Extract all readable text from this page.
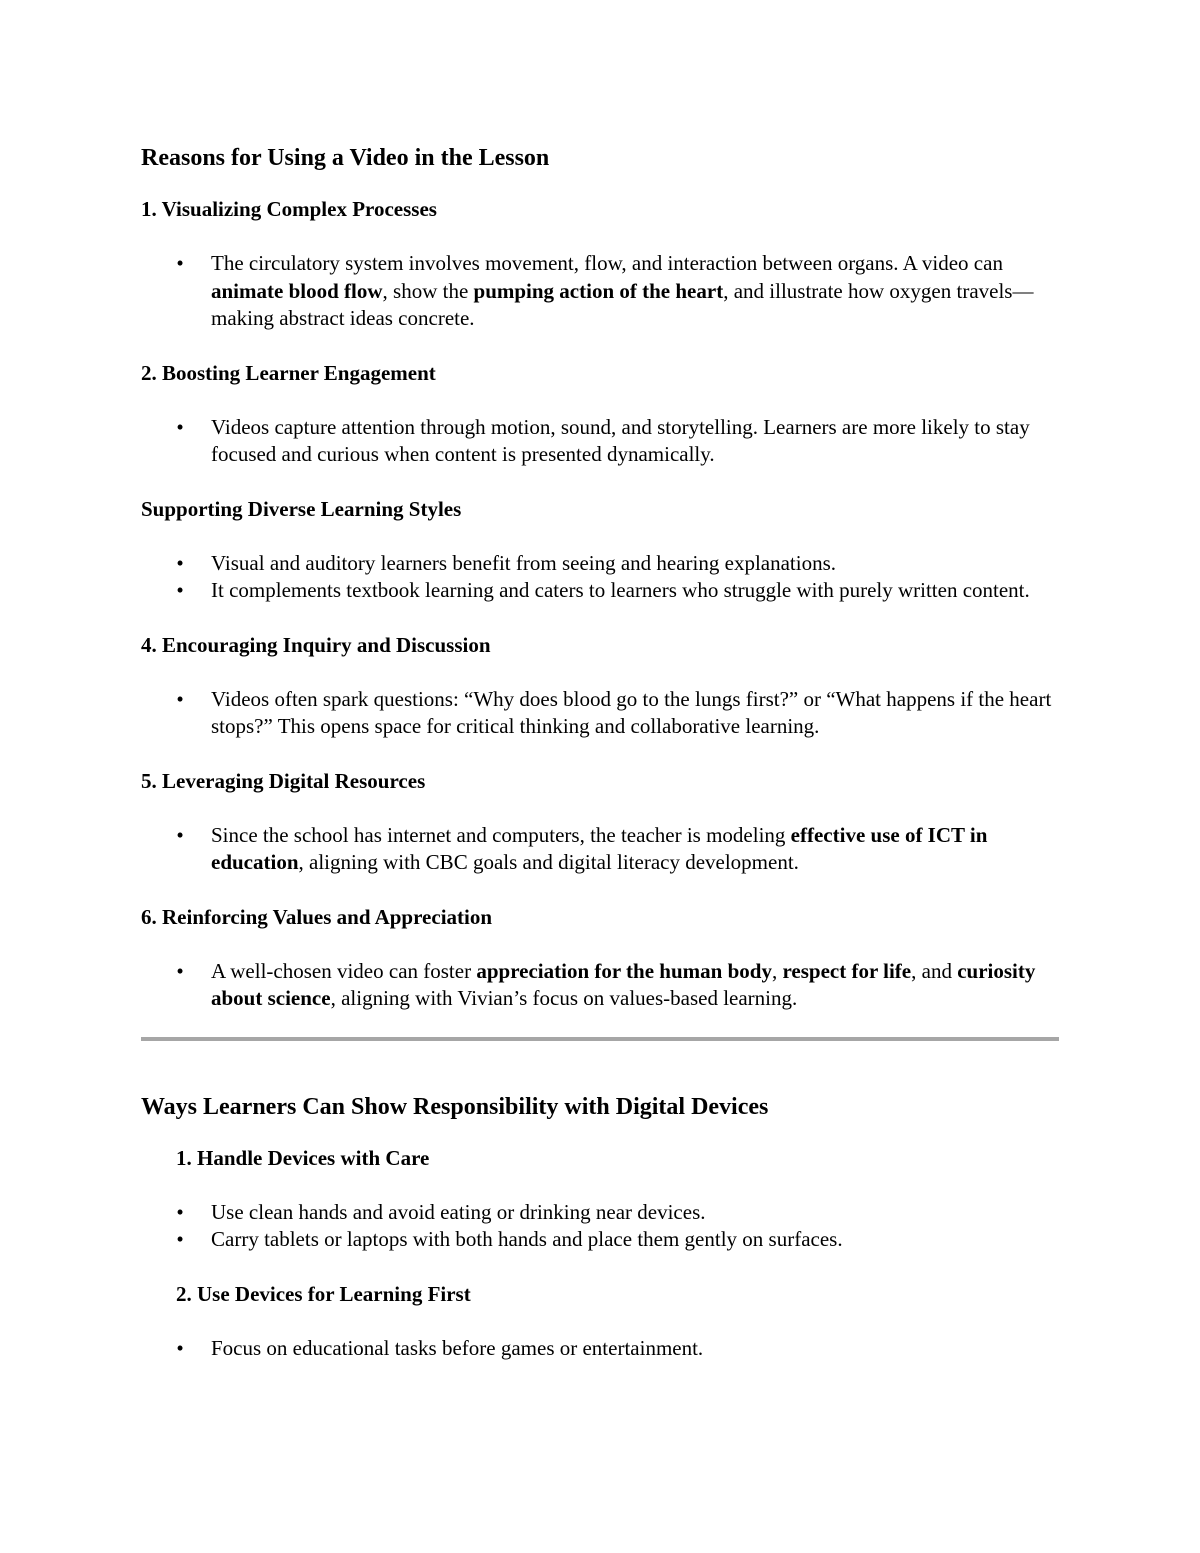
Reasons for Using a Video in the Lesson
1. Visualizing Complex Processes
• The circulatory system involves movement, flow, and interaction between organs. A video can animate blood flow, show the pumping action of the heart, and illustrate how oxygen travels—making abstract ideas concrete.
2. Boosting Learner Engagement
• Videos capture attention through motion, sound, and storytelling. Learners are more likely to stay focused and curious when content is presented dynamically.
Supporting Diverse Learning Styles
• Visual and auditory learners benefit from seeing and hearing explanations.
• It complements textbook learning and caters to learners who struggle with purely written content.
4. Encouraging Inquiry and Discussion
• Videos often spark questions: “Why does blood go to the lungs first?” or “What happens if the heart stops?” This opens space for critical thinking and collaborative learning.
5. Leveraging Digital Resources
• Since the school has internet and computers, the teacher is modeling effective use of ICT in education, aligning with CBC goals and digital literacy development.
6. Reinforcing Values and Appreciation
• A well-chosen video can foster appreciation for the human body, respect for life, and curiosity about science, aligning with Vivian’s focus on values-based learning.
Ways Learners Can Show Responsibility with Digital Devices
1. Handle Devices with Care
• Use clean hands and avoid eating or drinking near devices.
• Carry tablets or laptops with both hands and place them gently on surfaces.
2. Use Devices for Learning First
• Focus on educational tasks before games or entertainment.
